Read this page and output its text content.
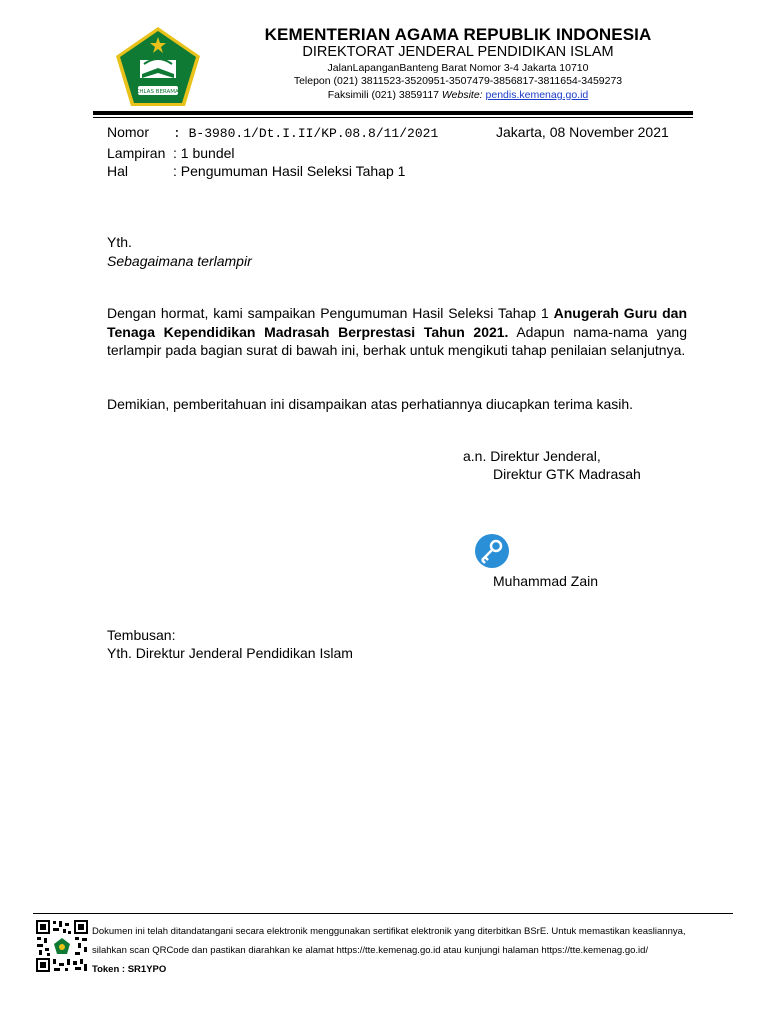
IKHLAS BERAMAL
KEMENTERIAN AGAMA REPUBLIK INDONESIA
DIREKTORAT JENDERAL PENDIDIKAN ISLAM
JalanLapanganBanteng Barat Nomor 3-4 Jakarta 10710
Telepon (021) 3811523-3520951-3507479-3856817-3811654-3459273
Faksimili (021) 3859117 Website: pendis.kemenag.go.id
Nomor : B-3980.1/Dt.I.II/KP.08.8/11/2021	Jakarta, 08 November 2021
Lampiran : 1 bundel
Hal	: Pengumuman Hasil Seleksi Tahap 1
Yth.
Sebagaimana terlampir
Dengan hormat, kami sampaikan Pengumuman Hasil Seleksi Tahap 1 Anugerah Guru dan Tenaga Kependidikan Madrasah Berprestasi Tahun 2021. Adapun nama-nama yang terlampir pada bagian surat di bawah ini, berhak untuk mengikuti tahap penilaian selanjutnya.
Demikian, pemberitahuan ini disampaikan atas perhatiannya diucapkan terima kasih.
a.n. Direktur Jenderal,
Direktur GTK Madrasah
Muhammad Zain
Tembusan:
Yth. Direktur Jenderal Pendidikan Islam
Dokumen ini telah ditandatangani secara elektronik menggunakan sertifikat elektronik yang diterbitkan BSrE. Untuk memastikan keasliannya,
silahkan scan QRCode dan pastikan diarahkan ke alamat https://tte.kemenag.go.id atau kunjungi halaman https://tte.kemenag.go.id/
Token : SR1YPO
